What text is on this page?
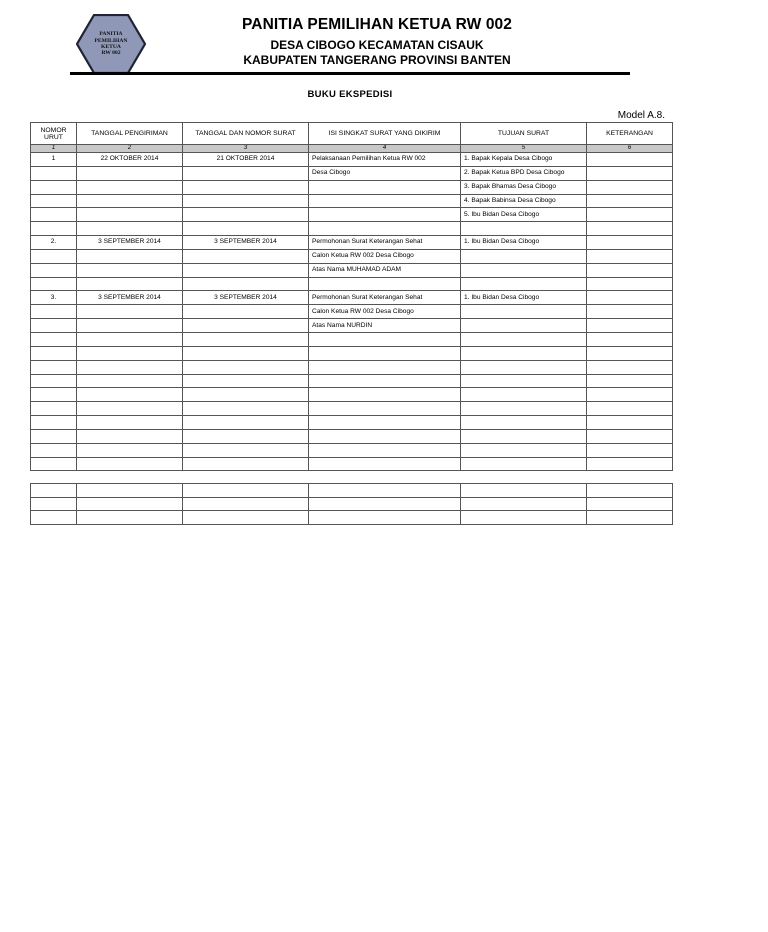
PANITIA
PEMILIHAN
KETUA
RW 002
PANITIA PEMILIHAN KETUA RW 002
DESA CIBOGO KECAMATAN CISAUK
KABUPATEN TANGERANG PROVINSI BANTEN
BUKU EKSPEDISI
Model A.8.
NOMOR URUT	TANGGAL PENGIRIMAN	TANGGAL DAN NOMOR SURAT	ISI SINGKAT SURAT YANG DIKIRIM	TUJUAN SURAT	KETERANGAN
1	2	3	4	5	6
1	22 OKTOBER 2014	21 OKTOBER 2014	Pelaksanaan Pemilihan Ketua RW 002	1. Bapak Kepala Desa Cibogo	
			Desa Cibogo	2. Bapak Ketua BPD Desa Cibogo	
				3. Bapak Bhamas Desa Cibogo	
				4. Bapak Babinsa Desa Cibogo	
				5. Ibu Bidan Desa Cibogo	

2.	3 SEPTEMBER 2014	3 SEPTEMBER 2014	Permohonan Surat Keterangan Sehat	1. Ibu Bidan Desa Cibogo	
			Calon Ketua RW 002 Desa Cibogo		
			Atas Nama MUHAMAD ADAM		

3.	3 SEPTEMBER 2014	3 SEPTEMBER 2014	Permohonan Surat Keterangan Sehat	1. Ibu Bidan Desa Cibogo	
			Calon Ketua RW 002 Desa Cibogo		
			Atas Nama NURDIN		
